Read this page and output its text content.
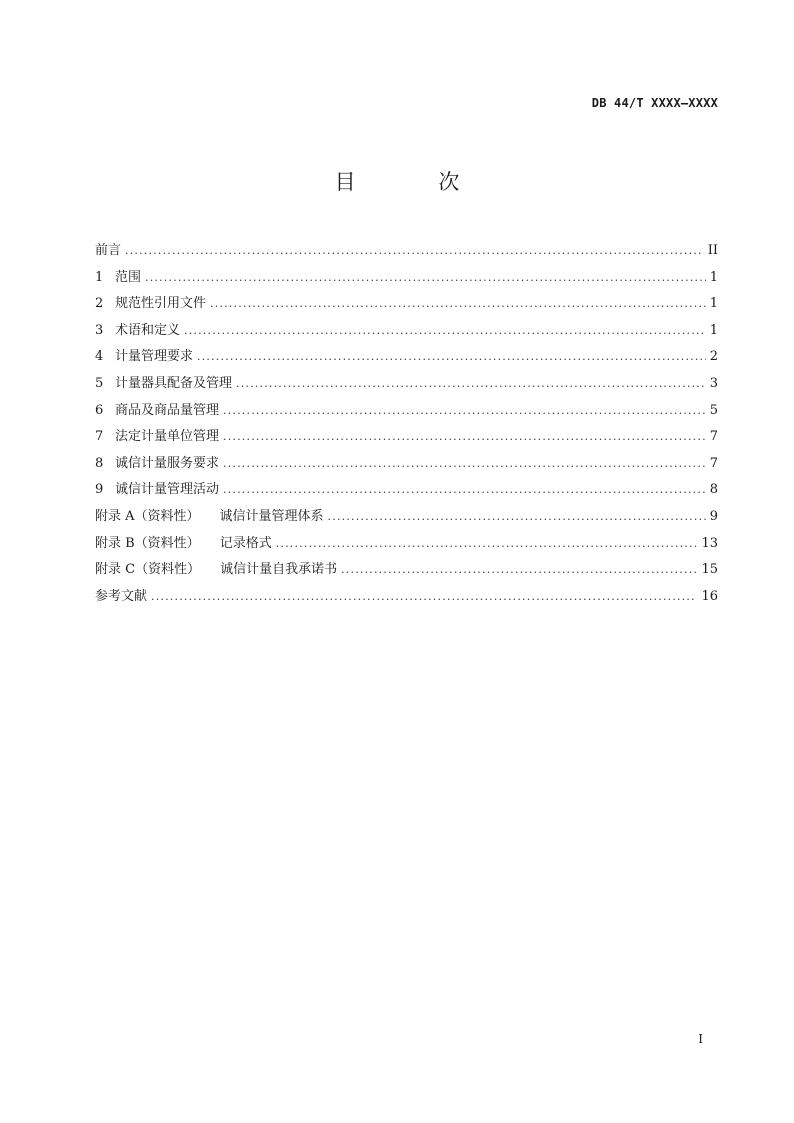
DB 44/T XXXX—XXXX
目 次
前言 .....	II
1 范围 .....	1
2 规范性引用文件 .....	1
3 术语和定义 .....	1
4 计量管理要求 .....	2
5 计量器具配备及管理 .....	3
6 商品及商品量管理 .....	5
7 法定计量单位管理 .....	7
8 诚信计量服务要求 .....	7
9 诚信计量管理活动 .....	8
附录 A（资料性） 诚信计量管理体系 .....	9
附录 B（资料性） 记录格式 .....	13
附录 C（资料性） 诚信计量自我承诺书 .....	15
参考文献 .....	16
I
